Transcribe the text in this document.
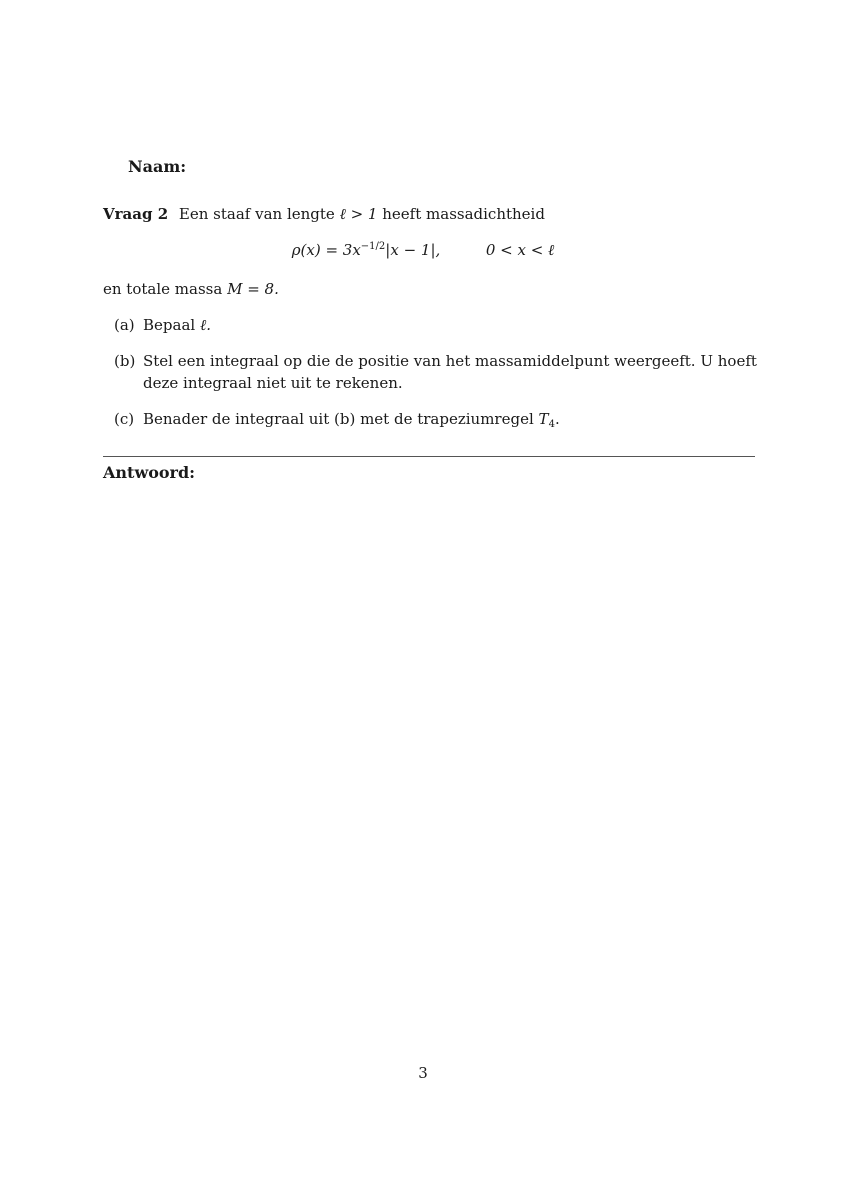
Naam:
Vraag 2 Een staaf van lengte ℓ > 1 heeft massadichtheid
$\rho(x) = 3x^{-1/2}|x - 1|$,	0 < x < ℓ
en totale massa M = 8.
(a) Bepaal ℓ.
(b) Stel een integraal op die de positie van het massamiddelpunt weergeeft. U hoeft deze integraal niet uit te rekenen.
(c) Benader de integraal uit (b) met de trapeziumregel $T_4$.
Antwoord:
3
